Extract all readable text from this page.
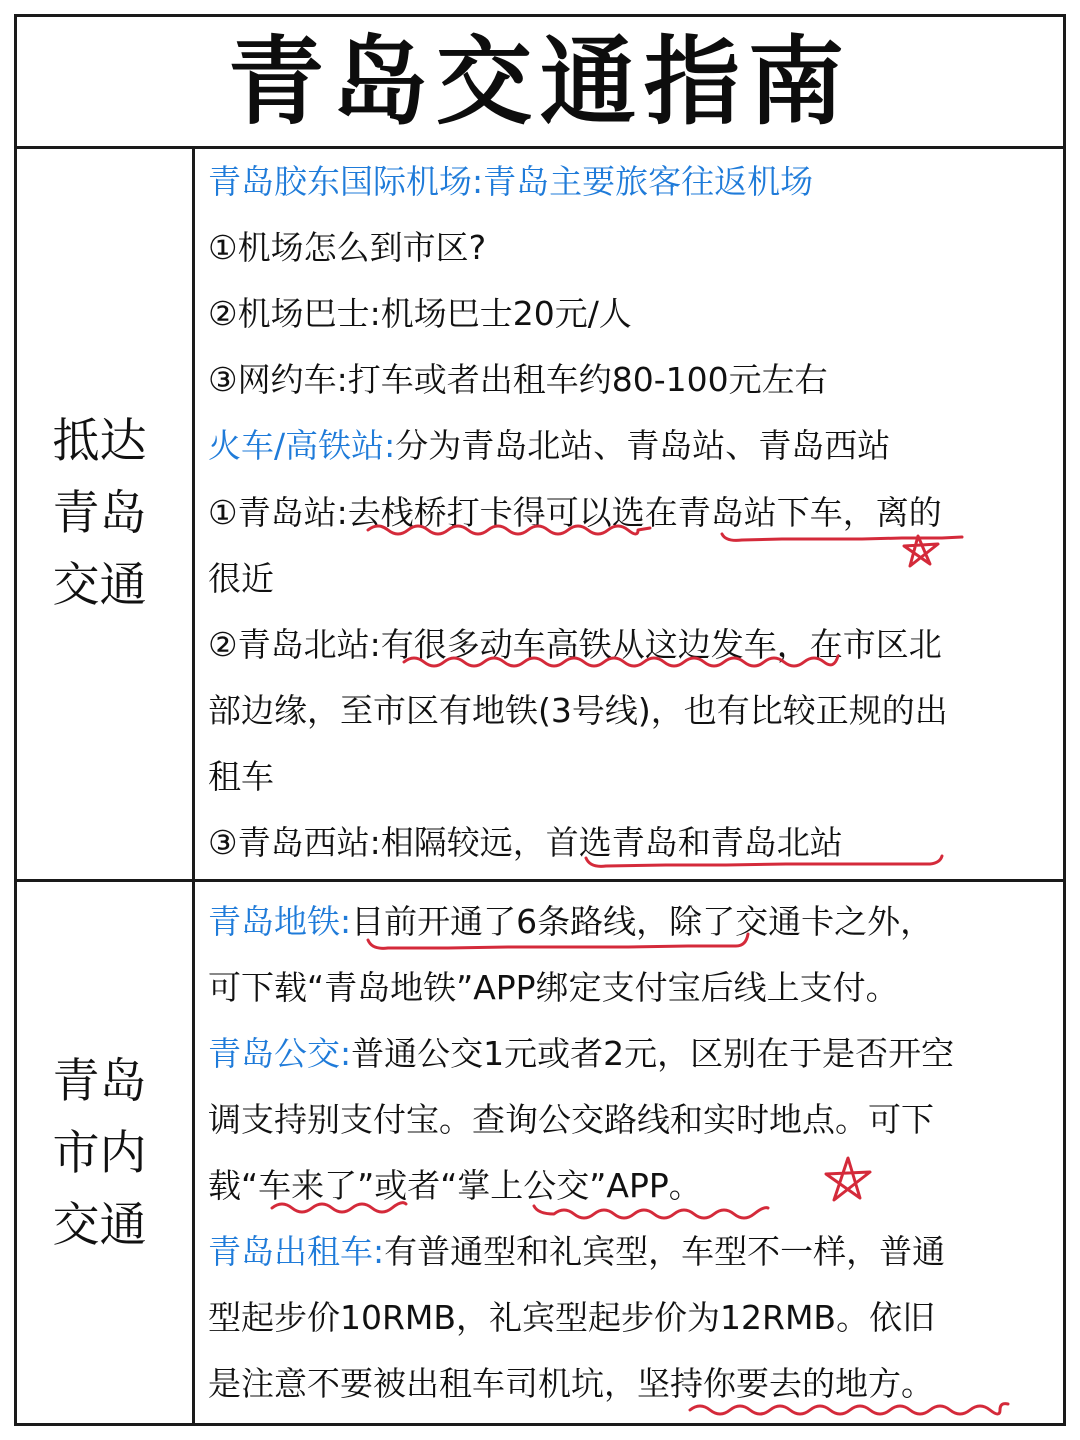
青岛交通指南
抵达
青岛
交通
青岛胶东国际机场:青岛主要旅客往返机场
①机场怎么到市区?
②机场巴士:机场巴士20元/人
③网约车:打车或者出租车约80-100元左右
火车/高铁站:分为青岛北站、青岛站、青岛西站
①青岛站:去栈桥打卡得可以选在青岛站下车，离的
很近
②青岛北站:有很多动车高铁从这边发车，在市区北
部边缘，至市区有地铁(3号线)，也有比较正规的出
租车
③青岛西站:相隔较远，首选青岛和青岛北站
青岛
市内
交通
青岛地铁:目前开通了6条路线，除了交通卡之外，
可下载“青岛地铁”APP绑定支付宝后线上支付。
青岛公交:普通公交1元或者2元，区别在于是否开空
调支持别支付宝。查询公交路线和实时地点。可下
载“车来了”或者“掌上公交”APP。
青岛出租车:有普通型和礼宾型，车型不一样，普通
型起步价10RMB，礼宾型起步价为12RMB。依旧
是注意不要被出租车司机坑，坚持你要去的地方。
